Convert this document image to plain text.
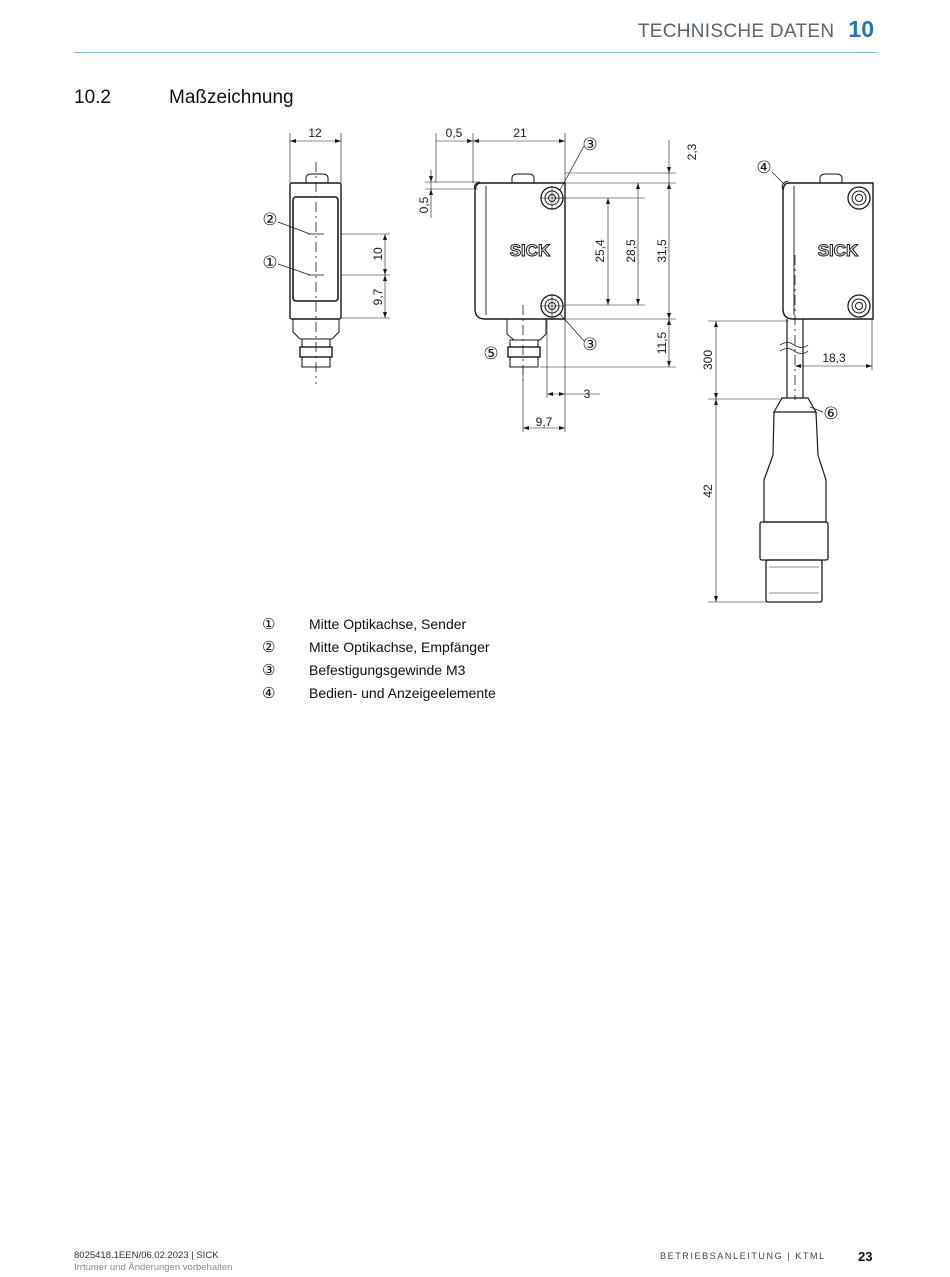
TECHNISCHE DATEN 10
10.2	Maßzeichnung
SICK	SICK
12	0,5	21
2,3
0,5
10
9,7
25,4 28,5 31,5
11,5
3
9,7
300	18,3
42
②
①
③
③
⑤
④
⑥
①	Mitte Optikachse, Sender
②	Mitte Optikachse, Empfänger
③	Befestigungsgewinde M3
④	Bedien- und Anzeigeelemente
8025418.1EEN/06.02.2023 | SICK
Irrtümer und Änderungen vorbehalten
BETRIEBSANLEITUNG | KTML 23
